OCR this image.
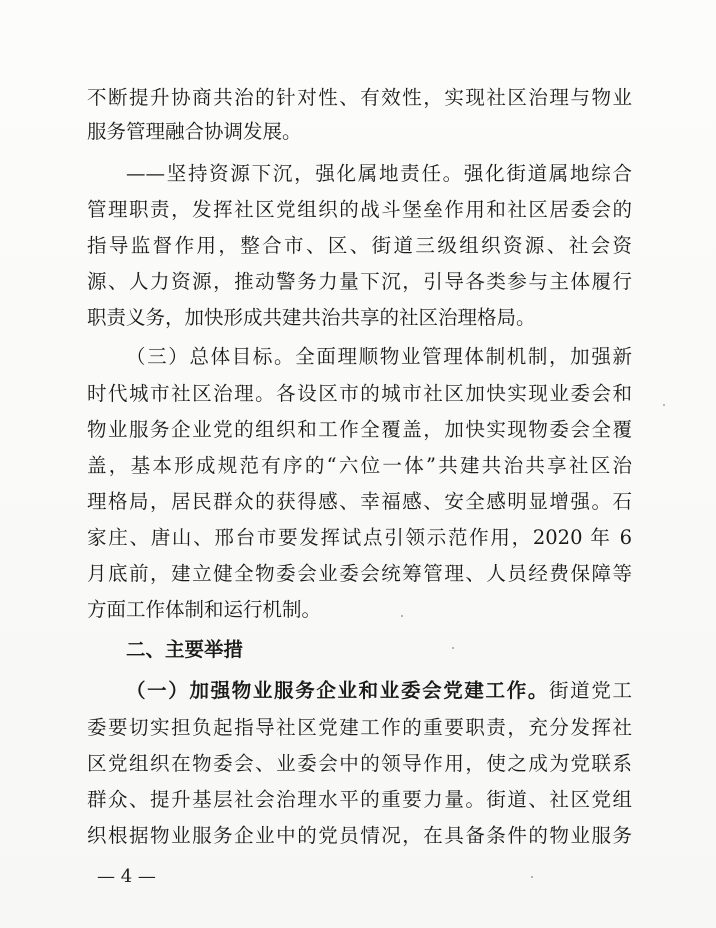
不断提升协商共治的针对性、有效性，实现社区治理与物业
服务管理融合协调发展。
——坚持资源下沉，强化属地责任。强化街道属地综合
管理职责，发挥社区党组织的战斗堡垒作用和社区居委会的
指导监督作用，整合市、区、街道三级组织资源、社会资
源、人力资源，推动警务力量下沉，引导各类参与主体履行
职责义务，加快形成共建共治共享的社区治理格局。
（三）总体目标。全面理顺物业管理体制机制，加强新
时代城市社区治理。各设区市的城市社区加快实现业委会和
物业服务企业党的组织和工作全覆盖，加快实现物委会全覆
盖，基本形成规范有序的“六位一体”共建共治共享社区治
理格局，居民群众的获得感、幸福感、安全感明显增强。石
家庄、唐山、邢台市要发挥试点引领示范作用，2020 年 6
月底前，建立健全物委会业委会统筹管理、人员经费保障等
方面工作体制和运行机制。
二、主要举措
（一）加强物业服务企业和业委会党建工作。街道党工
委要切实担负起指导社区党建工作的重要职责，充分发挥社
区党组织在物委会、业委会中的领导作用，使之成为党联系
群众、提升基层社会治理水平的重要力量。街道、社区党组
织根据物业服务企业中的党员情况，在具备条件的物业服务
— 4 —
